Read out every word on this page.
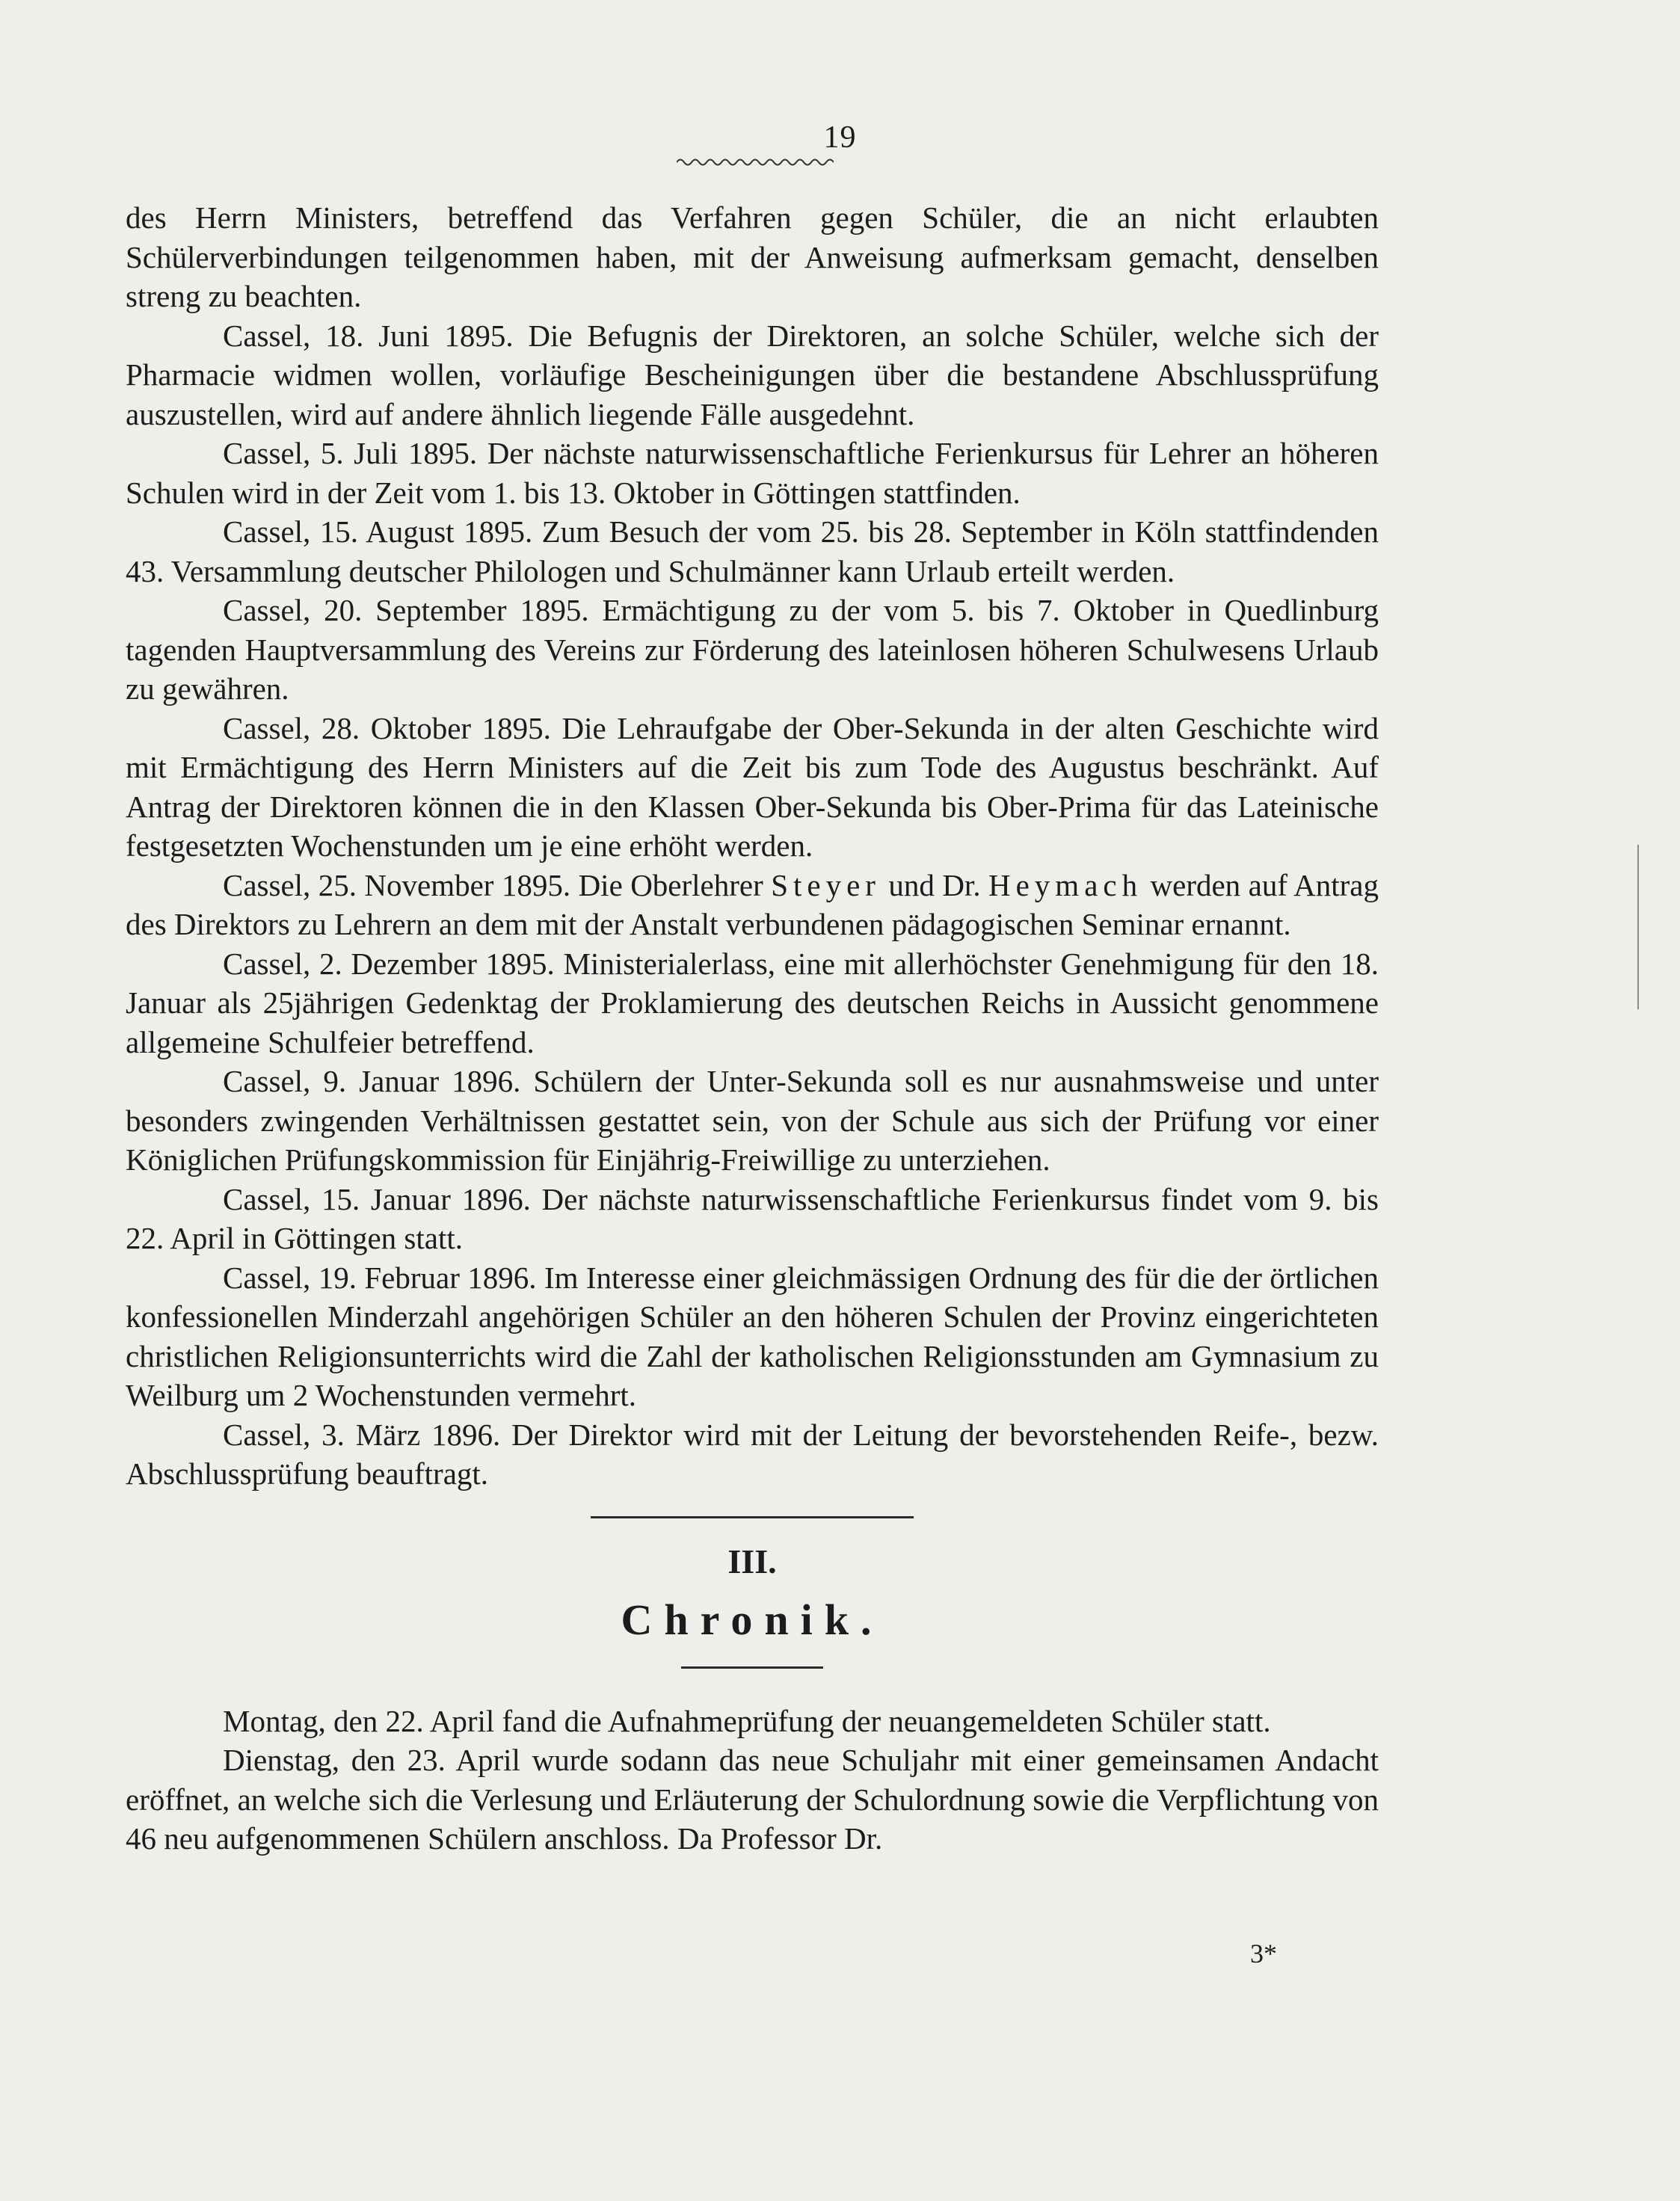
19

des Herrn Ministers, betreffend das Verfahren gegen Schüler, die an nicht erlaubten Schülerverbindungen teilgenommen haben, mit der Anweisung aufmerksam gemacht, denselben streng zu beachten.

Cassel, 18. Juni 1895. Die Befugnis der Direktoren, an solche Schüler, welche sich der Pharmacie widmen wollen, vorläufige Bescheinigungen über die bestandene Abschlussprüfung auszustellen, wird auf andere ähnlich liegende Fälle ausgedehnt.

Cassel, 5. Juli 1895. Der nächste naturwissenschaftliche Ferienkursus für Lehrer an höheren Schulen wird in der Zeit vom 1. bis 13. Oktober in Göttingen stattfinden.

Cassel, 15. August 1895. Zum Besuch der vom 25. bis 28. September in Köln stattfindenden 43. Versammlung deutscher Philologen und Schulmänner kann Urlaub erteilt werden.

Cassel, 20. September 1895. Ermächtigung zu der vom 5. bis 7. Oktober in Quedlinburg tagenden Hauptversammlung des Vereins zur Förderung des lateinlosen höheren Schulwesens Urlaub zu gewähren.

Cassel, 28. Oktober 1895. Die Lehraufgabe der Ober-Sekunda in der alten Geschichte wird mit Ermächtigung des Herrn Ministers auf die Zeit bis zum Tode des Augustus beschränkt. Auf Antrag der Direktoren können die in den Klassen Ober-Sekunda bis Ober-Prima für das Lateinische festgesetzten Wochenstunden um je eine erhöht werden.

Cassel, 25. November 1895. Die Oberlehrer Steyer und Dr. Heymach werden auf Antrag des Direktors zu Lehrern an dem mit der Anstalt verbundenen pädagogischen Seminar ernannt.

Cassel, 2. Dezember 1895. Ministerialerlass, eine mit allerhöchster Genehmigung für den 18. Januar als 25jährigen Gedenktag der Proklamierung des deutschen Reichs in Aussicht genommene allgemeine Schulfeier betreffend.

Cassel, 9. Januar 1896. Schülern der Unter-Sekunda soll es nur ausnahmsweise und unter besonders zwingenden Verhältnissen gestattet sein, von der Schule aus sich der Prüfung vor einer Königlichen Prüfungskommission für Einjährig-Freiwillige zu unterziehen.

Cassel, 15. Januar 1896. Der nächste naturwissenschaftliche Ferienkursus findet vom 9. bis 22. April in Göttingen statt.

Cassel, 19. Februar 1896. Im Interesse einer gleichmässigen Ordnung des für die der örtlichen konfessionellen Minderzahl angehörigen Schüler an den höheren Schulen der Provinz eingerichteten christlichen Religionsunterrichts wird die Zahl der katholischen Religionsstunden am Gymnasium zu Weilburg um 2 Wochenstunden vermehrt.

Cassel, 3. März 1896. Der Direktor wird mit der Leitung der bevorstehenden Reife-, bezw. Abschlussprüfung beauftragt.

III.
Chronik.

Montag, den 22. April fand die Aufnahmeprüfung der neuangemeldeten Schüler statt.

Dienstag, den 23. April wurde sodann das neue Schuljahr mit einer gemeinsamen Andacht eröffnet, an welche sich die Verlesung und Erläuterung der Schulordnung sowie die Verpflichtung von 46 neu aufgenommenen Schülern anschloss. Da Professor Dr.

3*
